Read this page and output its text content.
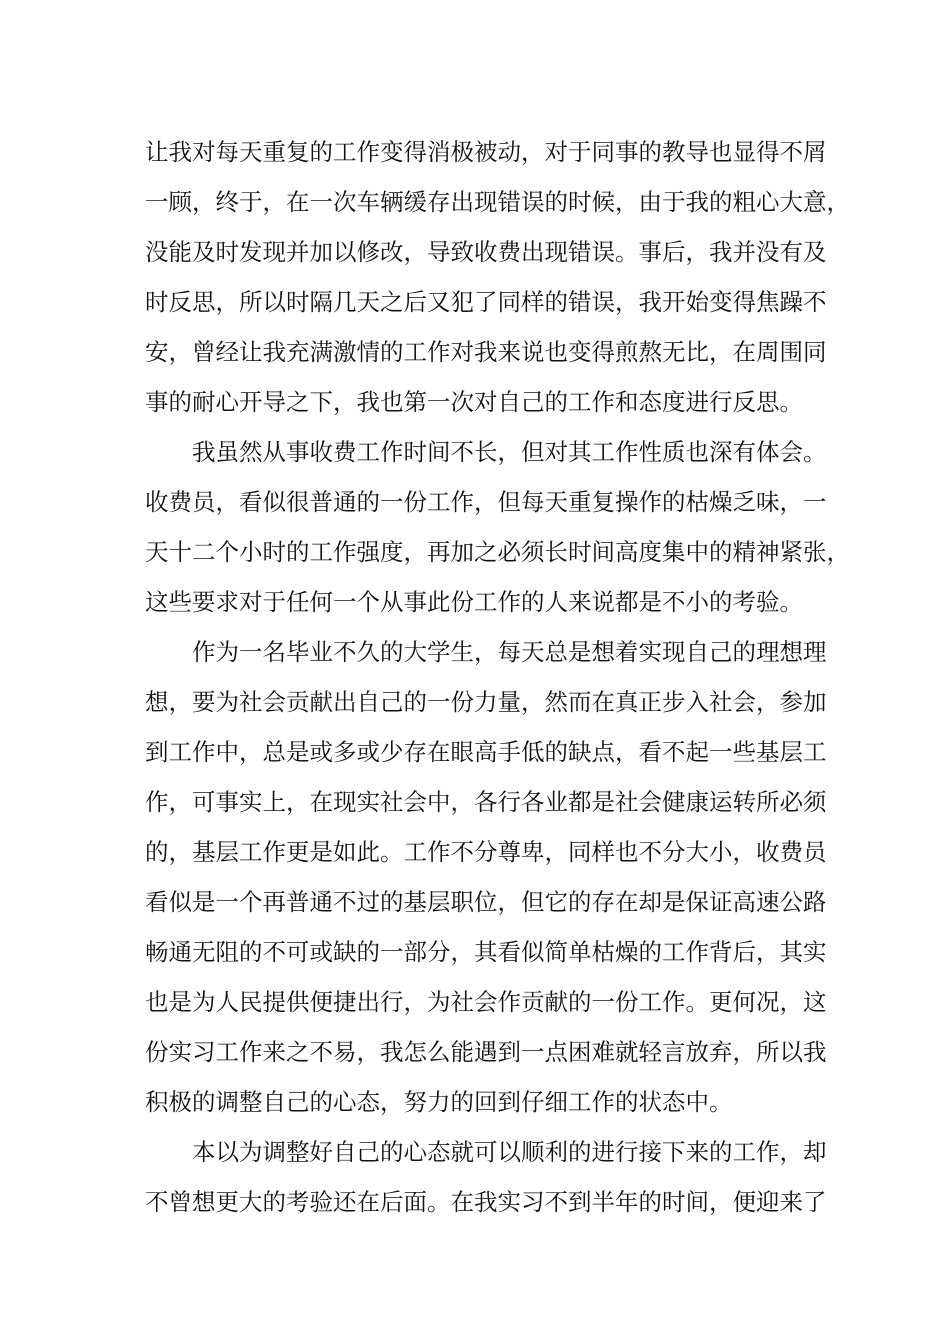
让我对每天重复的工作变得消极被动，对于同事的教导也显得不屑
一顾，终于，在一次车辆缓存出现错误的时候，由于我的粗心大意，
没能及时发现并加以修改，导致收费出现错误。事后，我并没有及
时反思，所以时隔几天之后又犯了同样的错误，我开始变得焦躁不
安，曾经让我充满激情的工作对我来说也变得煎熬无比，在周围同
事的耐心开导之下，我也第一次对自己的工作和态度进行反思。
我虽然从事收费工作时间不长，但对其工作性质也深有体会。
收费员，看似很普通的一份工作，但每天重复操作的枯燥乏味，一
天十二个小时的工作强度，再加之必须长时间高度集中的精神紧张，
这些要求对于任何一个从事此份工作的人来说都是不小的考验。
作为一名毕业不久的大学生，每天总是想着实现自己的理想理
想，要为社会贡献出自己的一份力量，然而在真正步入社会，参加
到工作中，总是或多或少存在眼高手低的缺点，看不起一些基层工
作，可事实上，在现实社会中，各行各业都是社会健康运转所必须
的，基层工作更是如此。工作不分尊卑，同样也不分大小，收费员
看似是一个再普通不过的基层职位，但它的存在却是保证高速公路
畅通无阻的不可或缺的一部分，其看似简单枯燥的工作背后，其实
也是为人民提供便捷出行，为社会作贡献的一份工作。更何况，这
份实习工作来之不易，我怎么能遇到一点困难就轻言放弃，所以我
积极的调整自己的心态，努力的回到仔细工作的状态中。
本以为调整好自己的心态就可以顺利的进行接下来的工作，却
不曾想更大的考验还在后面。在我实习不到半年的时间，便迎来了
